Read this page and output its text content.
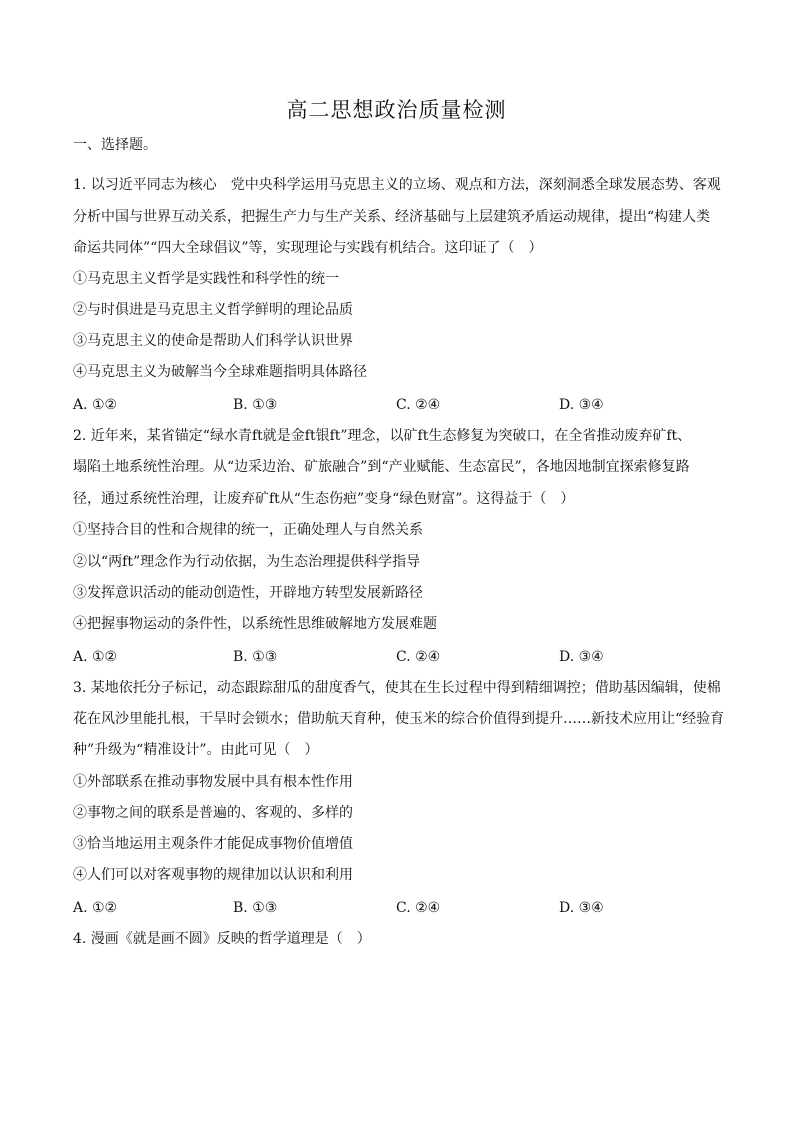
高二思想政治质量检测
一、选择题。
1. 以习近平同志为核心　党中央科学运用马克思主义的立场、观点和方法，深刻洞悉全球发展态势、客观
分析中国与世界互动关系，把握生产力与生产关系、经济基础与上层建筑矛盾运动规律，提出“构建人类
命运共同体”“四大全球倡议”等，实现理论与实践有机结合。这印证了（　）
①马克思主义哲学是实践性和科学性的统一
②与时俱进是马克思主义哲学鲜明的理论品质
③马克思主义的使命是帮助人们科学认识世界
④马克思主义为破解当今全球难题指明具体路径
A. ①②	B. ①③	C. ②④	D. ③④
2. 近年来，某省锚定“绿水青ft就是金ft银ft”理念，以矿ft生态修复为突破口，在全省推动废弃矿ft、
塌陷土地系统性治理。从“边采边治、矿旅融合”到“产业赋能、生态富民”，各地因地制宜探索修复路
径，通过系统性治理，让废弃矿ft从“生态伤疤”变身“绿色财富”。这得益于（　）
①坚持合目的性和合规律的统一，正确处理人与自然关系
②以“两ft”理念作为行动依据，为生态治理提供科学指导
③发挥意识活动的能动创造性，开辟地方转型发展新路径
④把握事物运动的条件性，以系统性思维破解地方发展难题
A. ①②	B. ①③	C. ②④	D. ③④
3. 某地依托分子标记，动态跟踪甜瓜的甜度香气，使其在生长过程中得到精细调控；借助基因编辑，使棉
花在风沙里能扎根，干旱时会锁水；借助航天育种，使玉米的综合价值得到提升……新技术应用让“经验育
种”升级为“精准设计”。由此可见（　）
①外部联系在推动事物发展中具有根本性作用
②事物之间的联系是普遍的、客观的、多样的
③恰当地运用主观条件才能促成事物价值增值
④人们可以对客观事物的规律加以认识和利用
A. ①②	B. ①③	C. ②④	D. ③④
4. 漫画《就是画不圆》反映的哲学道理是（　）
